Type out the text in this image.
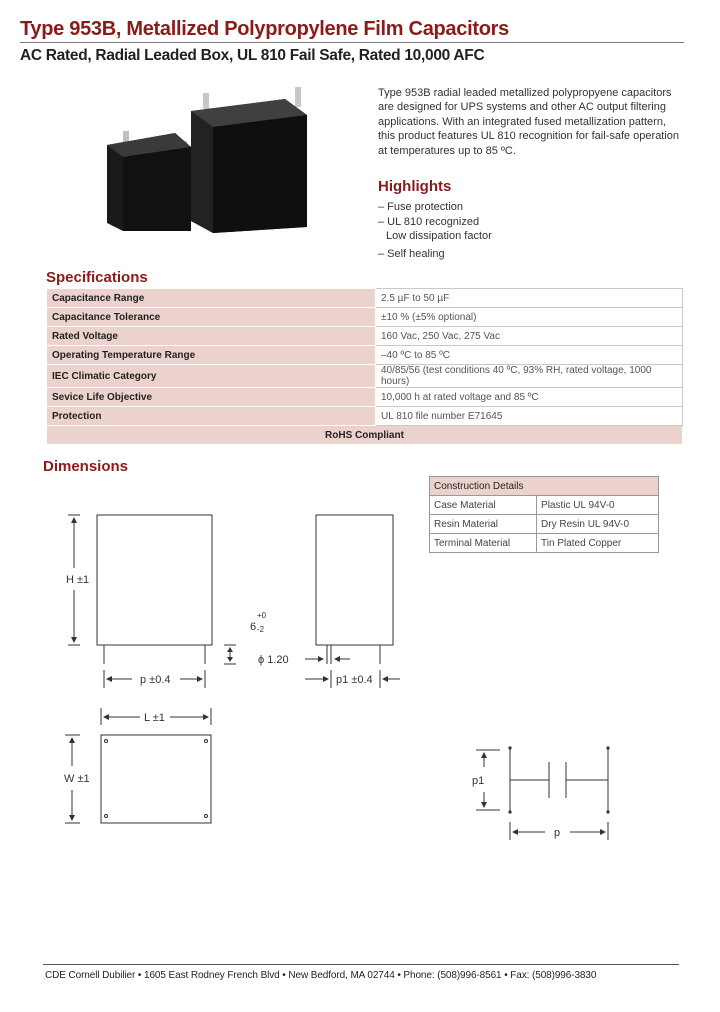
Type 953B, Metallized Polypropylene Film Capacitors
AC Rated, Radial Leaded Box, UL 810 Fail Safe, Rated 10,000 AFC
Type 953B radial leaded metallized polypropyene capacitors are designed for UPS systems and other AC output filtering applications. With an integrated fused metallization pattern, this product features UL 810 recognition for fail-safe operation at temperatures up to 85 ºC.
Highlights
– Fuse protection
– UL 810 recognized
Low dissipation factor
– Self healing
Specifications
Capacitance Range	2.5 µF to 50 µF
Capacitance Tolerance	±10 % (±5% optional)
Rated Voltage	160 Vac, 250 Vac, 275 Vac
Operating Temperature Range	–40 ºC to 85 ºC
IEC Climatic Category	40/85/56 (test conditions 40 ºC, 93% RH, rated voltage, 1000 hours)
Sevice Life Objective	10,000 h at rated voltage and 85 ºC
Protection	UL 810 file number E71645
RoHS Compliant	
Dimensions
Construction Details	
Case Material	Plastic UL 94V-0
Resin Material	Dry Resin UL 94V-0
Terminal Material	Tin Plated Copper
H ±1
p ±0.4
6
+0
-2
ϕ 1.20
p1 ±0.4
L ±1
W ±1	p1
p
CDE Cornell Dubilier • 1605 East Rodney French Blvd • New Bedford, MA 02744 • Phone: (508)996-8561 • Fax: (508)996-3830
